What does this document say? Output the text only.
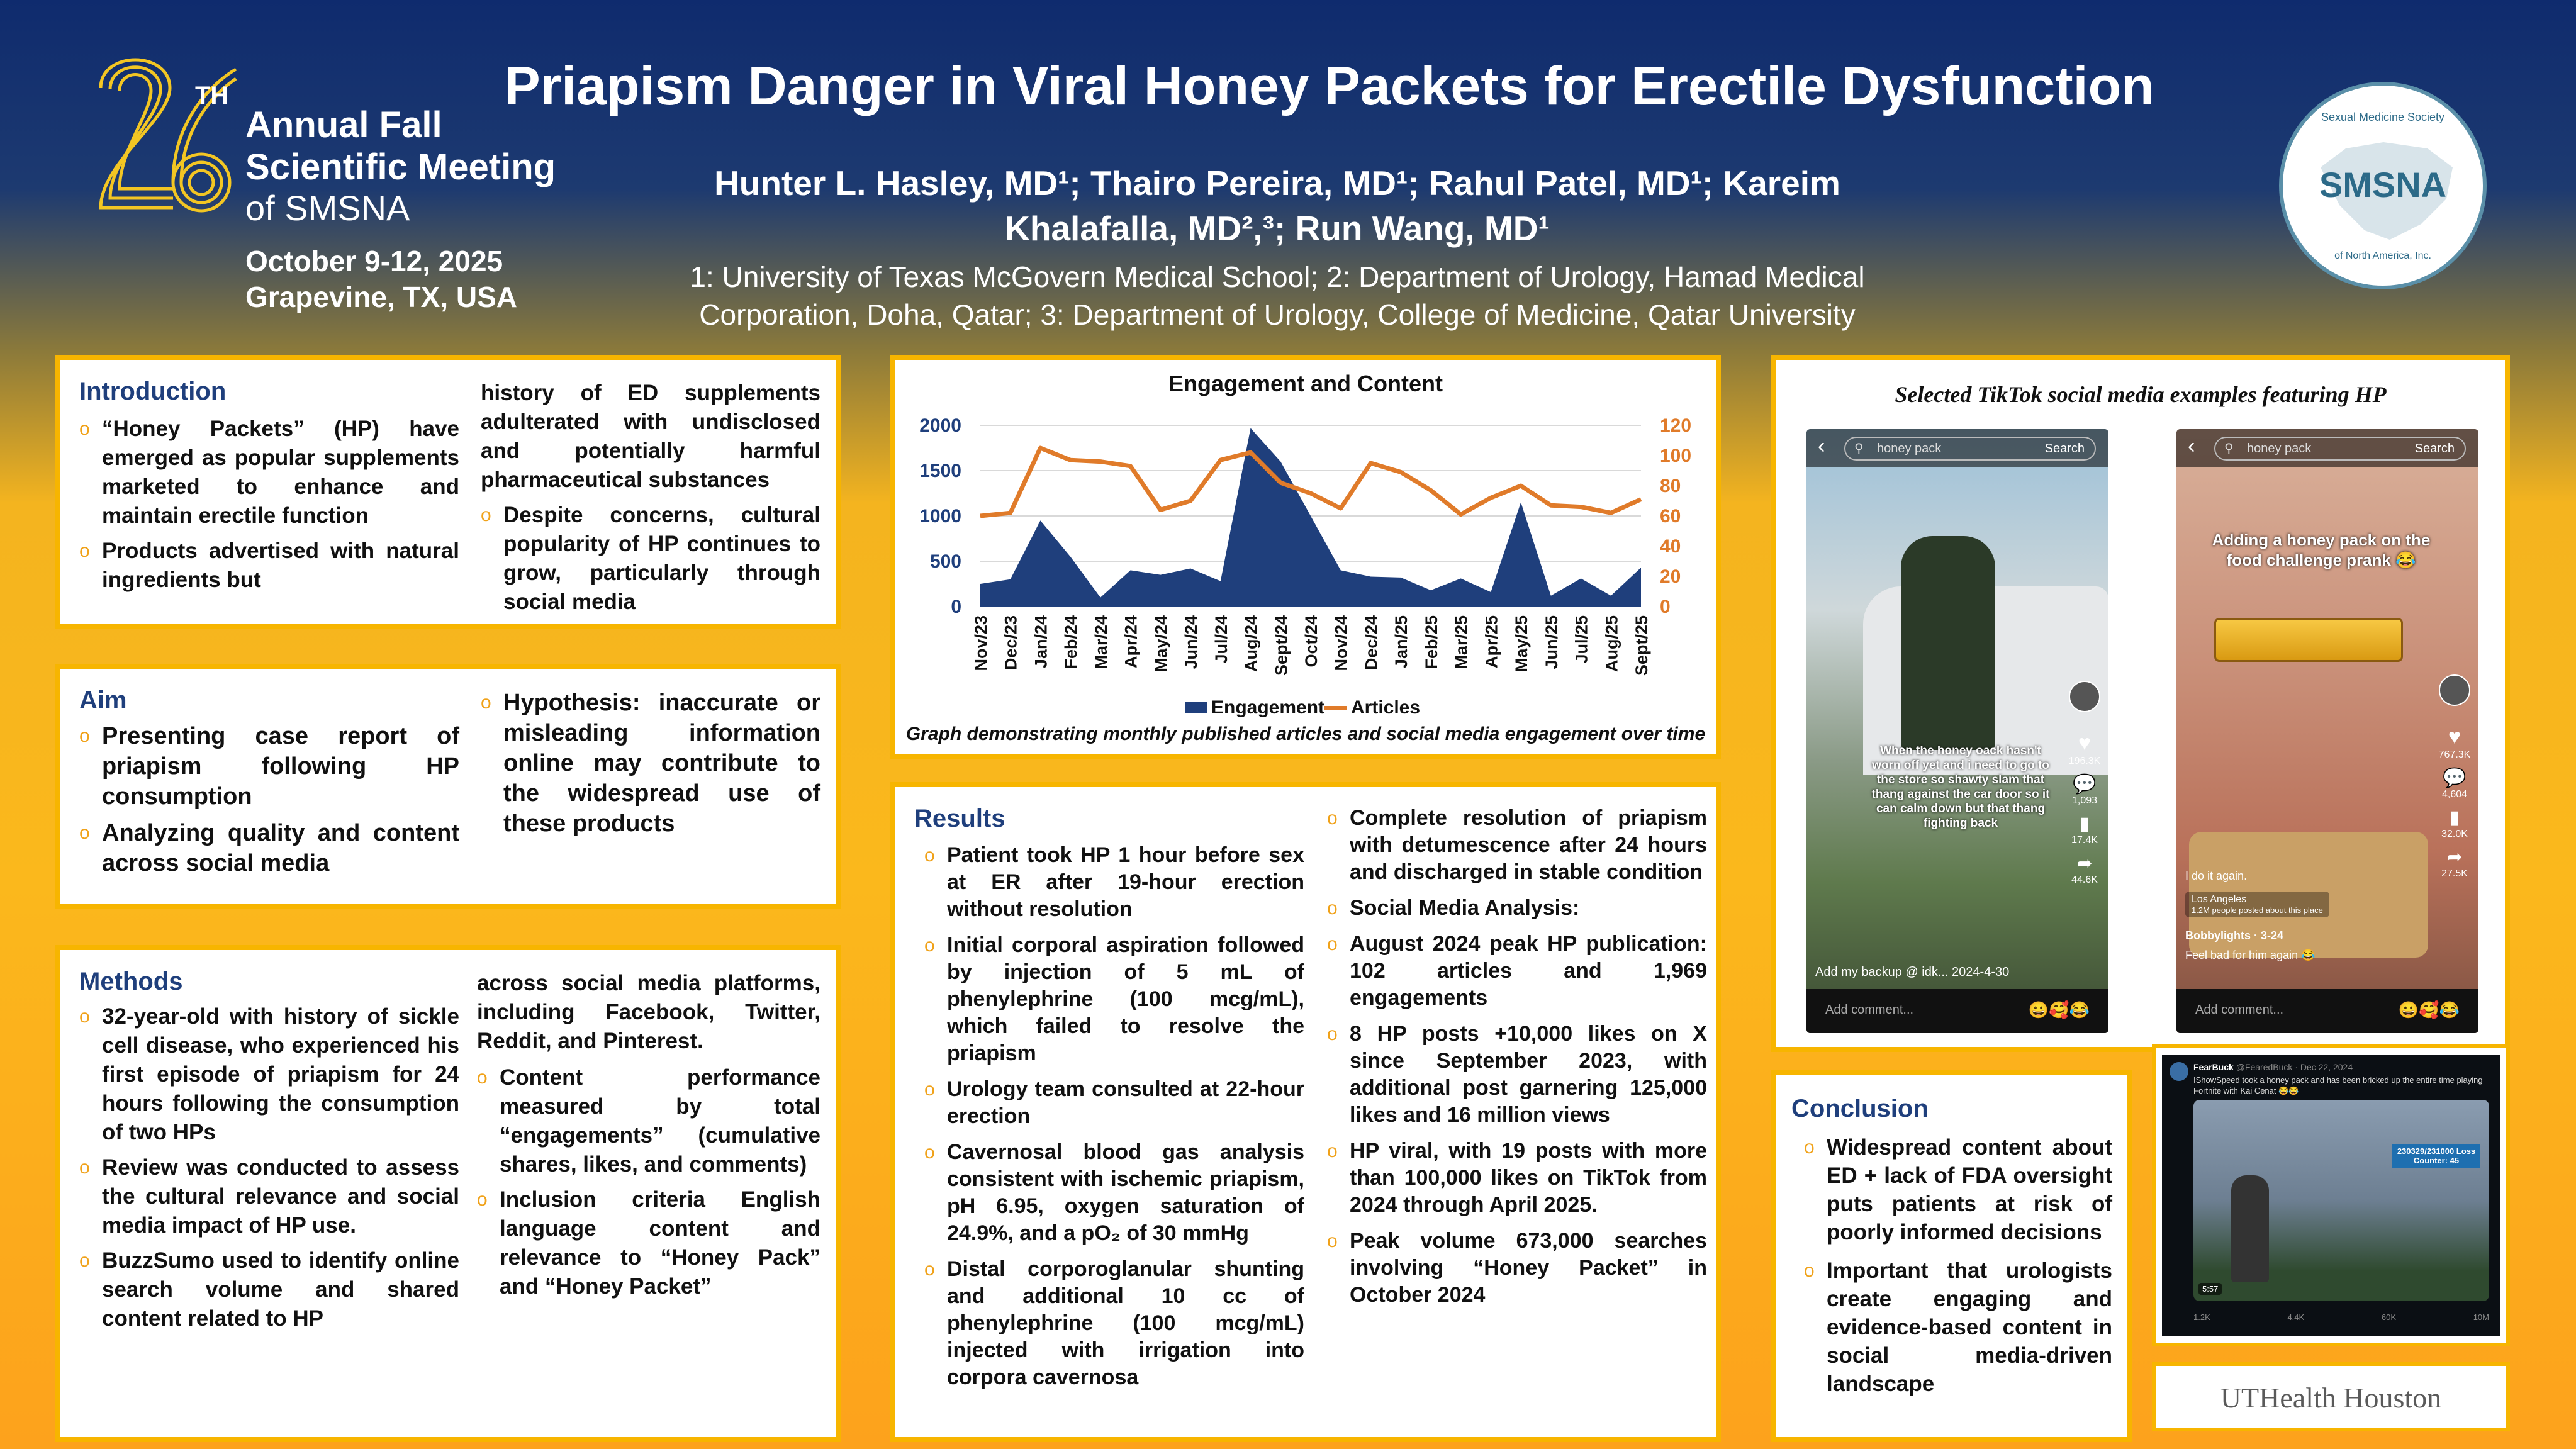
TH
Annual Fall
Scientific Meeting
of SMSNA
October 9-12, 2025
Grapevine, TX, USA
Priapism Danger in Viral Honey Packets for Erectile Dysfunction
Hunter L. Hasley, MD¹; Thairo Pereira, MD¹; Rahul Patel, MD¹; Kareim
Khalafalla, MD²,³; Run Wang, MD¹
1: University of Texas McGovern Medical School; 2: Department of Urology, Hamad Medical
Corporation, Doha, Qatar; 3: Department of Urology, College of Medicine, Qatar University
SMSNA
Sexual Medicine Society
of North America, Inc.
Introduction
o “Honey Packets” (HP) have emerged as popular supplements marketed to enhance and maintain erectile function
o Products advertised with natural ingredients but
history of ED supplements adulterated with undisclosed and potentially harmful pharmaceutical substances
o Despite concerns, cultural popularity of HP continues to grow, particularly through social media
Aim
o Presenting case report of priapism following HP consumption
o Analyzing quality and content across social media
o Hypothesis: inaccurate or misleading information online may contribute to the widespread use of these products
Methods
o 32-year-old with history of sickle cell disease, who experienced his first episode of priapism for 24 hours following the consumption of two HPs
o Review was conducted to assess the cultural relevance and social media impact of HP use.
o BuzzSumo used to identify online search volume and shared content related to HP
across social media platforms, including Facebook, Twitter, Reddit, and Pinterest.
o Content performance measured by total “engagements” (cumulative shares, likes, and comments)
o Inclusion criteria English language content and relevance to “Honey Pack” and “Honey Packet”
Engagement and Content
0
500
1000
1500
2000
0
20
40
60
80
100
120
Nov/23 Dec/23 Jan/24 Feb/24 Mar/24 Apr/24 May/24 Jun/24 Jul/24 Aug/24 Sept/24 Oct/24 Nov/24 Dec/24 Jan/25 Feb/25 Mar/25 Apr/25 May/25 Jun/25 Jul/25 Aug/25 Sept/25
Engagement Articles
Graph demonstrating monthly published articles and social media engagement over time
Results
o Patient took HP 1 hour before sex at ER after 19-hour erection without resolution
o Initial corporal aspiration followed by injection of 5 mL of phenylephrine (100 mcg/mL), which failed to resolve the priapism
o Urology team consulted at 22-hour erection
o Cavernosal blood gas analysis consistent with ischemic priapism, pH 6.95, oxygen saturation of 24.9%, and a pO₂ of 30 mmHg
o Distal corporoglanular shunting and additional 10 cc of phenylephrine (100 mcg/mL) injected with irrigation into corpora cavernosa
o Complete resolution of priapism with detumescence after 24 hours and discharged in stable condition
o Social Media Analysis:
o August 2024 peak HP publication: 102 articles and 1,969 engagements
o 8 HP posts +10,000 likes on X since September 2023, with additional post garnering 125,000 likes and 16 million views
o HP viral, with 19 posts with more than 100,000 likes on TikTok from 2024 through April 2025.
o Peak volume 673,000 searches involving “Honey Packet” in October 2024
Selected TikTok social media examples featuring HP
‹ ⚲ honey pack	Search
When the honey oack hasn't worn off yet and i need to go to the store so shawty slam that thang against the car door so it can calm down but that thang fighting back
♥
196.3K
💬
1,093
▮
17.4K
➦
44.6K
Add my backup @ idk... 2024-4-30
Add comment...	😀🥰😂
‹ ⚲ honey pack	Search
Adding a honey pack on the food challenge prank 😂
♥
767.3K
💬
4,604
▮
32.0K
➦
27.5K
I do it again.
Los Angeles
1.2M people posted about this place
Bobbylights · 3-24
Feel bad for him again 😂
Add comment...	😀🥰😂
FearBuck @FearedBuck · Dec 22, 2024
IShowSpeed took a honey pack and has been bricked up the entire time playing Fortnite with Kai Cenat 😂😂
230329/231000 Loss Counter: 45
5:57
1.2K	4.4K	60K	10M
Conclusion
o Widespread content about ED + lack of FDA oversight puts patients at risk of poorly informed decisions
o Important that urologists create engaging and evidence-based content in social media-driven landscape	UTHealth Houston
